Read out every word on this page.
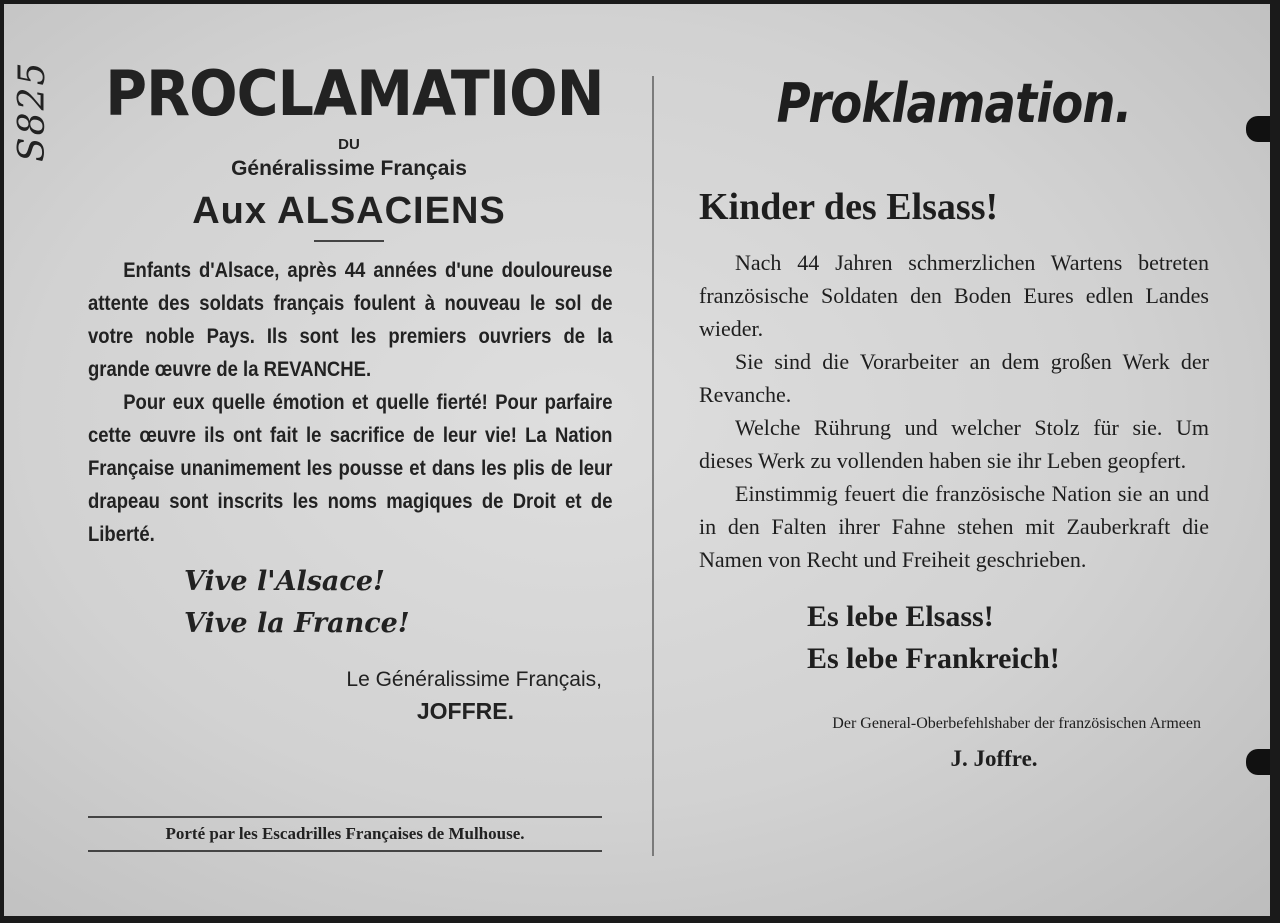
S825 PROCLAMATION
DU
Généralissime Français
Aux ALSACIENS

Enfants d'Alsace, après 44 années d'une douloureuse attente des soldats français foulent à nouveau le sol de votre noble Pays. Ils sont les premiers ouvriers de la grande œuvre de la REVANCHE.

Pour eux quelle émotion et quelle fierté! Pour parfaire cette œuvre ils ont fait le sacrifice de leur vie! La Nation Française unanimement les pousse et dans les plis de leur drapeau sont inscrits les noms magiques de Droit et de Liberté.

Vive l'Alsace!
Vive la France!
Le Généralissime Français,
JOFFRE.
Porté par les Escadrilles Françaises de Mulhouse.
Proklamation.
Kinder des Elsass!

Nach 44 Jahren schmerzlichen Wartens betreten französische Soldaten den Boden Eures edlen Landes wieder.

Sie sind die Vorarbeiter an dem großen Werk der Revanche.

Welche Rührung und welcher Stolz für sie. Um dieses Werk zu vollenden haben sie ihr Leben geopfert.

Einstimmig feuert die französische Nation sie an und in den Falten ihrer Fahne stehen mit Zauberkraft die Namen von Recht und Freiheit geschrieben.

Es lebe Elsass!
Es lebe Frankreich!
Der General-Oberbefehlshaber der französischen Armeen
J. Joffre.
